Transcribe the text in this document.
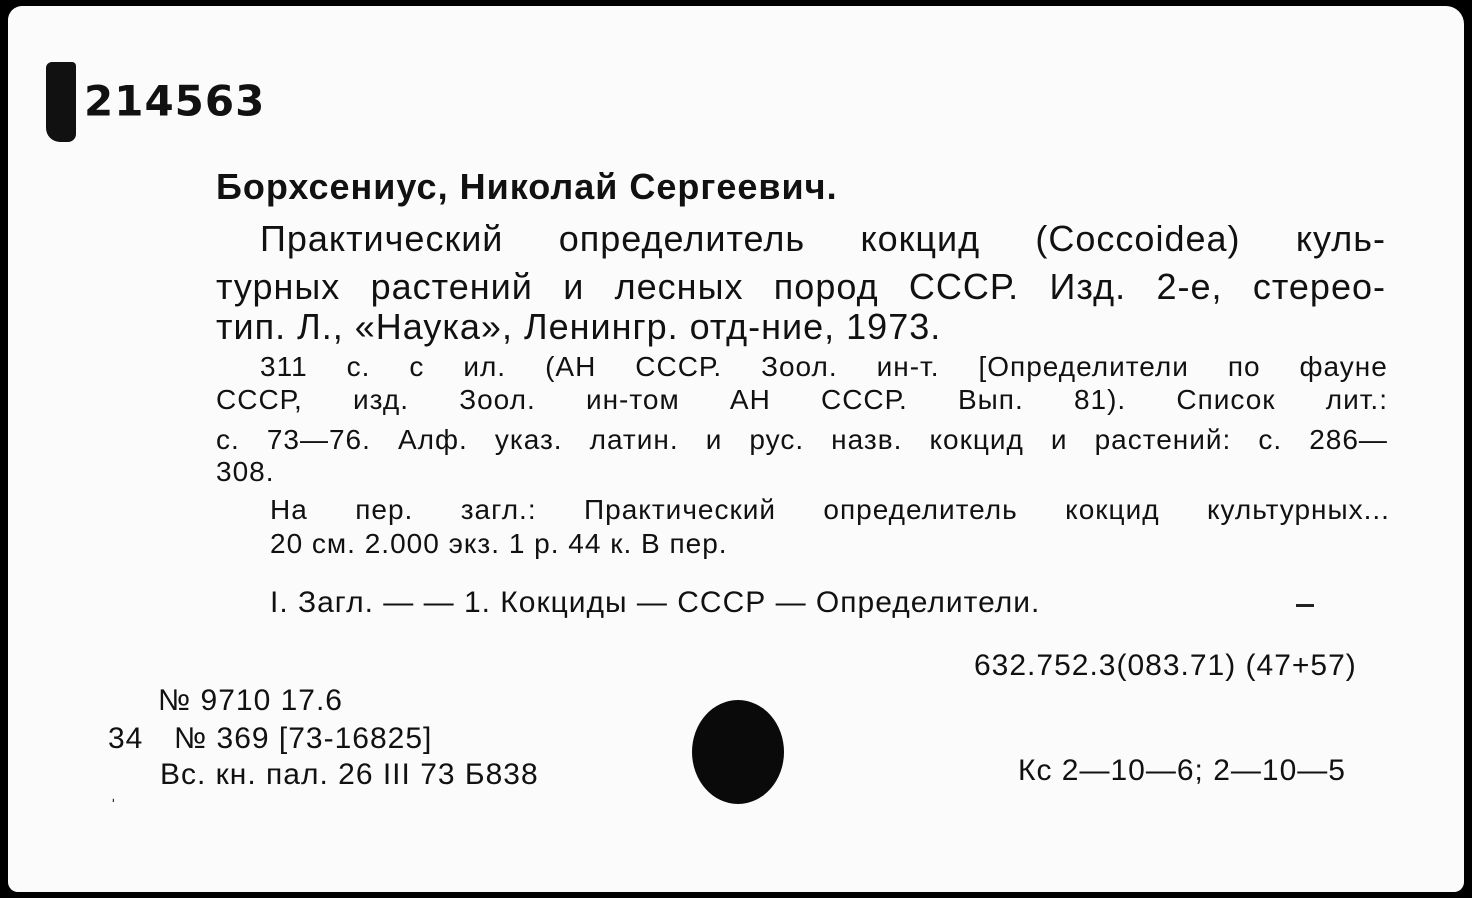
214563
Борхсениус, Николай Сергеевич.
Практический определитель кокцид (Coccoidea) куль-
турных растений и лесных пород СССР. Изд. 2-е, стерео-
тип. Л., «Наука», Ленингр. отд-ние, 1973.
311 с. с ил. (АН СССР. Зоол. ин-т. [Определители по фауне
СССР, изд. Зоол. ин-том АН СССР. Вып. 81). Список лит.:
с. 73—76. Алф. указ. латин. и рус. назв. кокцид и растений: с. 286—
308.
На пер. загл.: Практический определитель кокцид культурных...
20 см. 2.000 экз. 1 р. 44 к. В пер.
I. Загл. — — 1. Кокциды — СССР — Определители.
632.752.3(083.71) (47+57)
№ 9710 17.6
34 № 369 [73-16825]
Вс. кн. пал. 26 III 73 Б838	Кс 2—10—6; 2—10—5
ˈ
